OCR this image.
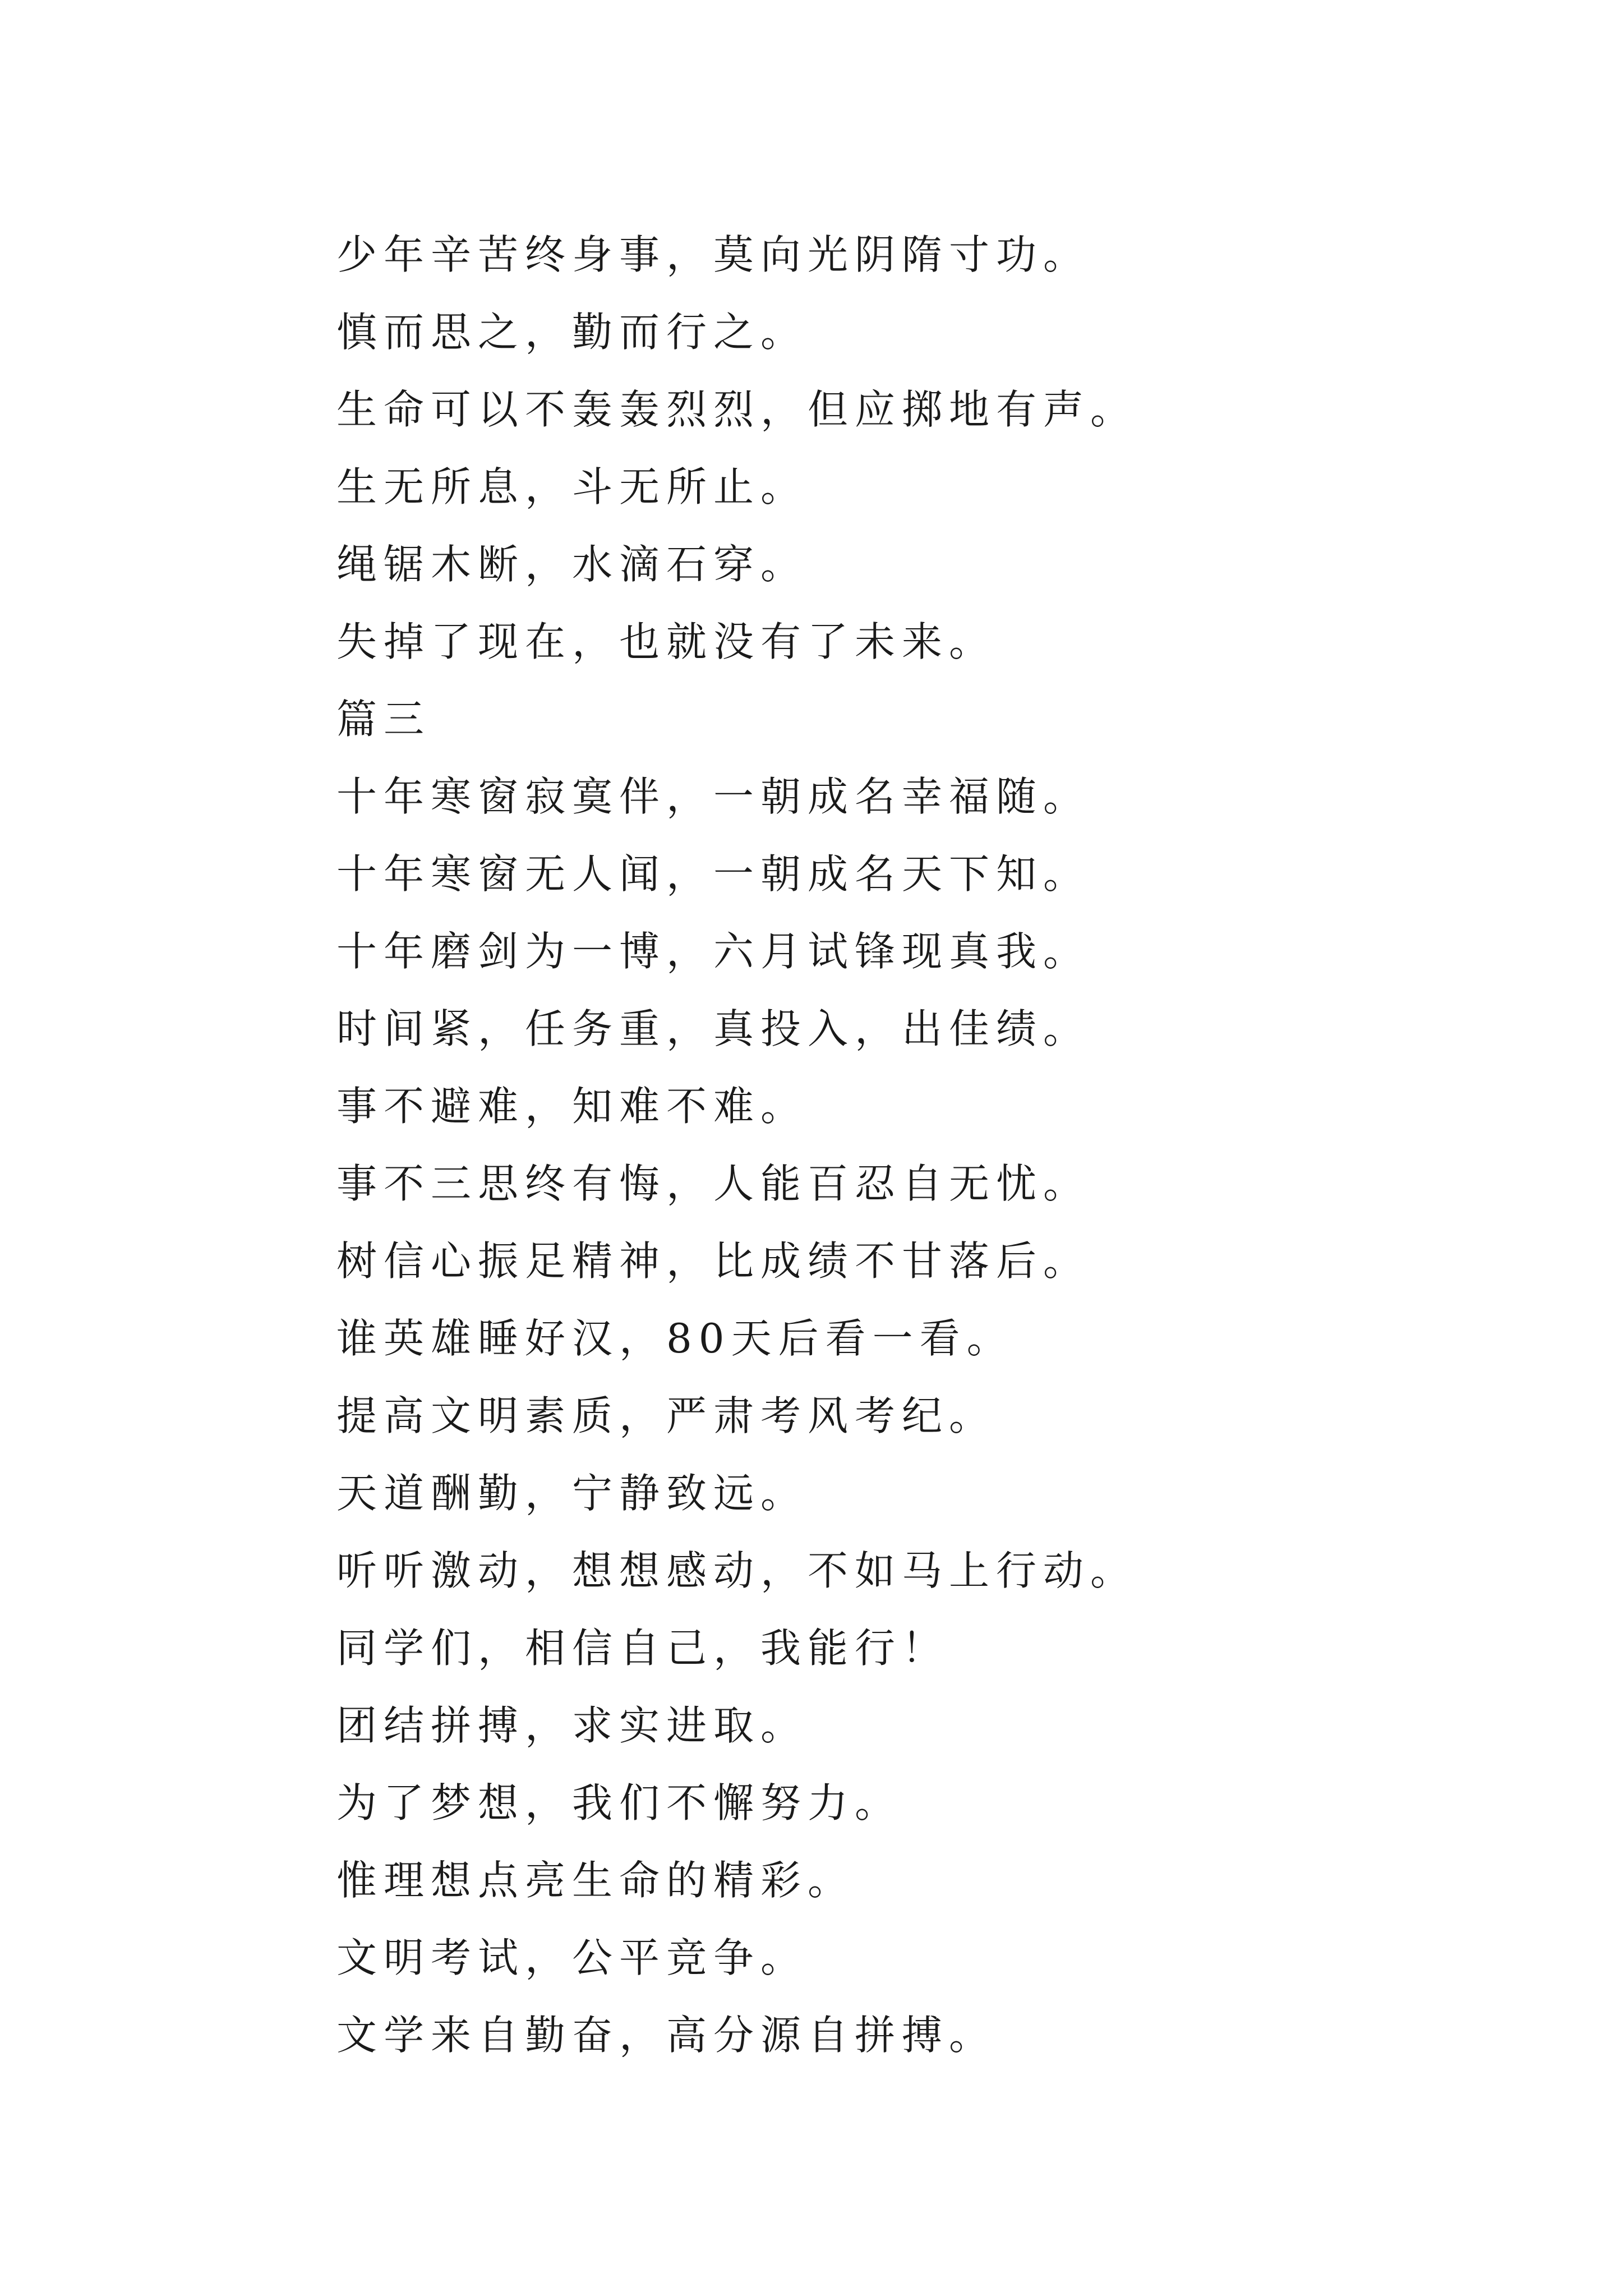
少年辛苦终身事，莫向光阴隋寸功。
慎而思之，勤而行之。
生命可以不轰轰烈烈，但应掷地有声。
生无所息，斗无所止。
绳锯木断，水滴石穿。
失掉了现在，也就没有了未来。
篇三
十年寒窗寂寞伴，一朝成名幸福随。
十年寒窗无人闻，一朝成名天下知。
十年磨剑为一博，六月试锋现真我。
时间紧，任务重，真投入，出佳绩。
事不避难，知难不难。
事不三思终有悔，人能百忍自无忧。
树信心振足精神，比成绩不甘落后。
谁英雄睡好汉，80天后看一看。
提高文明素质，严肃考风考纪。
天道酬勤，宁静致远。
听听激动，想想感动，不如马上行动。
同学们，相信自己，我能行！
团结拼搏，求实进取。
为了梦想，我们不懈努力。
惟理想点亮生命的精彩。
文明考试，公平竞争。
文学来自勤奋，高分源自拼搏。
